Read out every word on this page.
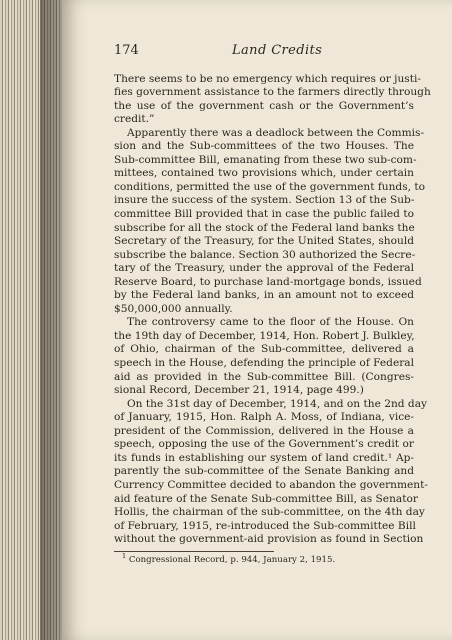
174	Land Credits

There seems to be no emergency which requires or justi-
fies government assistance to the farmers directly through
the use of the government cash or the Government’s
credit.”

Apparently there was a deadlock between the Commis-
sion and the Sub-committees of the two Houses. The
Sub-committee Bill, emanating from these two sub-com-
mittees, contained two provisions which, under certain
conditions, permitted the use of the government funds, to
insure the success of the system. Section 13 of the Sub-
committee Bill provided that in case the public failed to
subscribe for all the stock of the Federal land banks the
Secretary of the Treasury, for the United States, should
subscribe the balance. Section 30 authorized the Secre-
tary of the Treasury, under the approval of the Federal
Reserve Board, to purchase land-mortgage bonds, issued
by the Federal land banks, in an amount not to exceed
$50,000,000 annually.

The controversy came to the floor of the House. On
the 19th day of December, 1914, Hon. Robert J. Bulkley,
of Ohio, chairman of the Sub-committee, delivered a
speech in the House, defending the principle of Federal
aid as provided in the Sub-committee Bill. (Congres-
sional Record, December 21, 1914, page 499.)

On the 31st day of December, 1914, and on the 2nd day
of January, 1915, Hon. Ralph A. Moss, of Indiana, vice-
president of the Commission, delivered in the House a
speech, opposing the use of the Government’s credit or
its funds in establishing our system of land credit.¹ Ap-
parently the sub-committee of the Senate Banking and
Currency Committee decided to abandon the government-
aid feature of the Senate Sub-committee Bill, as Senator
Hollis, the chairman of the sub-committee, on the 4th day
of February, 1915, re-introduced the Sub-committee Bill
without the government-aid provision as found in Section

$^1$ Congressional Record, p. 944, January 2, 1915.
